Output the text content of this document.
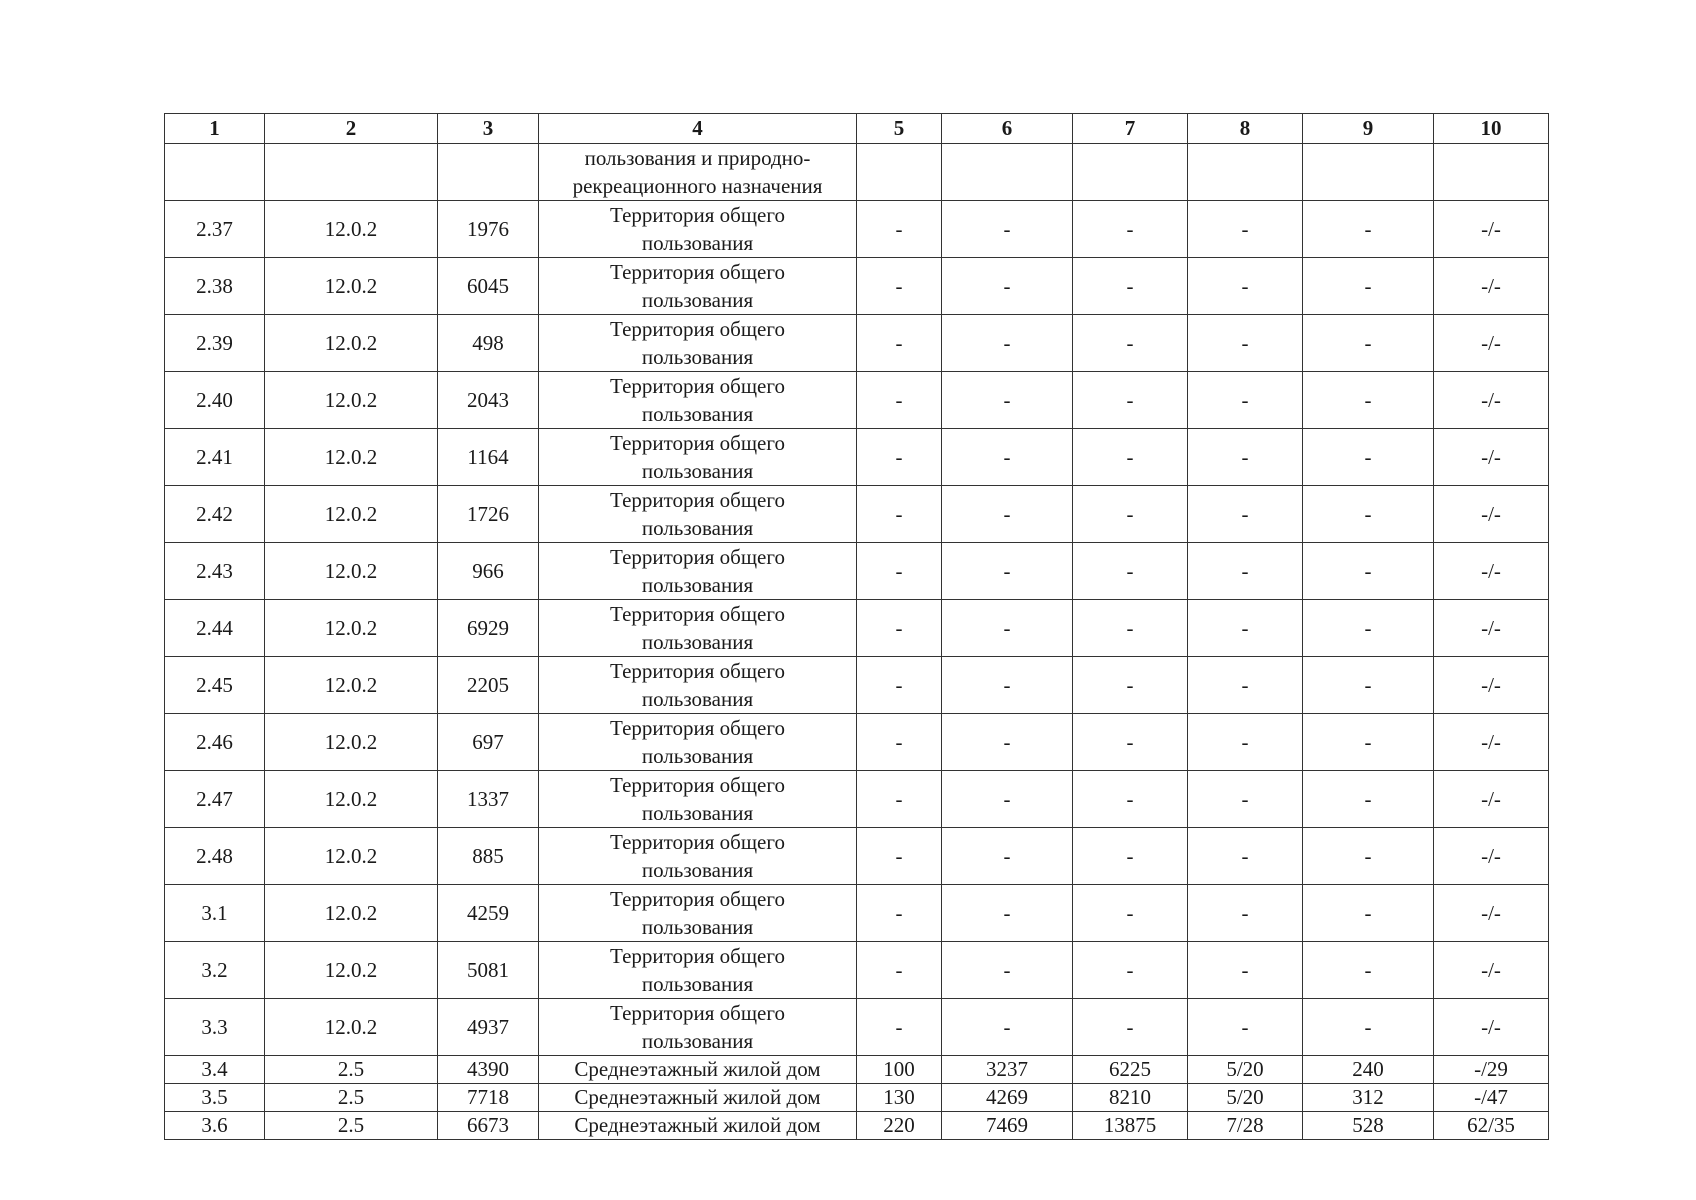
1	2	3	4	5	6	7	8	9	10

			пользования и природно-
рекреационного назначения						

2.37	12.0.2	1976	Территория общего
пользования	-	-	-	-	-	-/-
2.38	12.0.2	6045	Территория общего
пользования	-	-	-	-	-	-/-
2.39	12.0.2	498	Территория общего
пользования	-	-	-	-	-	-/-
2.40	12.0.2	2043	Территория общего
пользования	-	-	-	-	-	-/-
2.41	12.0.2	1164	Территория общего
пользования	-	-	-	-	-	-/-
2.42	12.0.2	1726	Территория общего
пользования	-	-	-	-	-	-/-
2.43	12.0.2	966	Территория общего
пользования	-	-	-	-	-	-/-
2.44	12.0.2	6929	Территория общего
пользования	-	-	-	-	-	-/-
2.45	12.0.2	2205	Территория общего
пользования	-	-	-	-	-	-/-
2.46	12.0.2	697	Территория общего
пользования	-	-	-	-	-	-/-
2.47	12.0.2	1337	Территория общего
пользования	-	-	-	-	-	-/-
2.48	12.0.2	885	Территория общего
пользования	-	-	-	-	-	-/-
3.1	12.0.2	4259	Территория общего
пользования	-	-	-	-	-	-/-
3.2	12.0.2	5081	Территория общего
пользования	-	-	-	-	-	-/-
3.3	12.0.2	4937	Территория общего
пользования	-	-	-	-	-	-/-
3.4	2.5	4390	Среднеэтажный жилой дом	100	3237	6225	5/20	240	-/29
3.5	2.5	7718	Среднеэтажный жилой дом	130	4269	8210	5/20	312	-/47
3.6	2.5	6673	Среднеэтажный жилой дом	220	7469	13875	7/28	528	62/35
